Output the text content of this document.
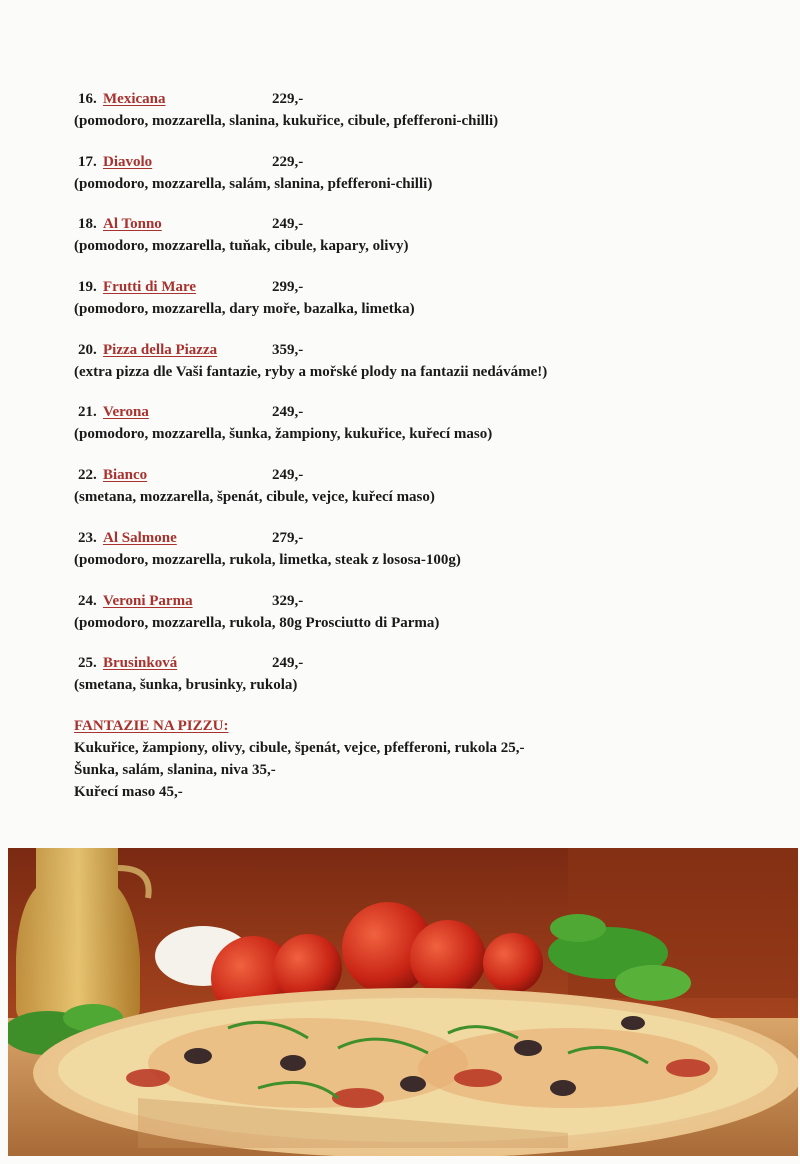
16. Mexicana	229,-
(pomodoro, mozzarella, slanina, kukuřice, cibule, pfefferoni-chilli)
17. Diavolo	229,-
(pomodoro, mozzarella, salám, slanina, pfefferoni-chilli)
18. Al Tonno	249,-
(pomodoro, mozzarella, tuňak, cibule, kapary, olivy)
19. Frutti di Mare	299,-
(pomodoro, mozzarella, dary moře, bazalka, limetka)
20. Pizza della Piazza	359,-
(extra pizza dle Vaši fantazie, ryby a mořské plody na fantazii nedáváme!)
21. Verona	249,-
(pomodoro, mozzarella, šunka, žampiony, kukuřice, kuřecí maso)
22. Bianco	249,-
(smetana, mozzarella, špenát, cibule, vejce, kuřecí maso)
23. Al Salmone	279,-
(pomodoro, mozzarella, rukola, limetka, steak z lososa-100g)
24. Veroni Parma	329,-
(pomodoro, mozzarella, rukola, 80g Prosciutto di Parma)
25. Brusinková	249,-
(smetana, šunka, brusinky, rukola)
FANTAZIE NA PIZZU:
Kukuřice, žampiony, olivy, cibule, špenát, vejce, pfefferoni, rukola 25,-
Šunka, salám, slanina, niva 35,-
Kuřecí maso 45,-
